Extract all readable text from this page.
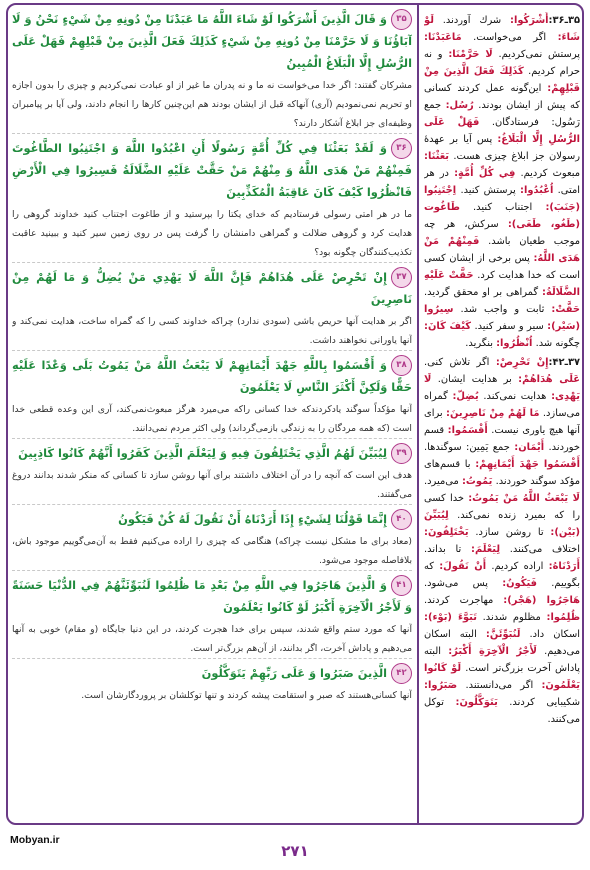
۳۵وَ قَالَ الَّذِينَ أَشْرَكُوا لَوْ شَاءَ اللَّهُ مَا عَبَدْنَا مِنْ دُونِهِ مِنْ شَيْءٍ نَحْنُ وَ لَا آبَاؤُنَا وَ لَا حَرَّمْنَا مِنْ دُونِهِ مِنْ شَيْءٍ كَذَلِكَ فَعَلَ الَّذِينَ مِنْ قَبْلِهِمْ فَهَلْ عَلَى الرُّسُلِ إِلَّا الْبَلَاغُ الْمُبِينُ

مشركان گفتند: اگر خدا مى‌خواست نه ما و نه پدران ما غير از او عبادت نمى‌كرديم و چيزى را بدون اجازه او تحريم نمى‌نموديم (آرى) آنهاكه قبل از ايشان بودند هم اين‌چنين كارها را انجام دادند، ولى آيا بر پيامبران وظيفه‌اى جز ابلاغ آشكار دارند؟

۳۶وَ لَقَدْ بَعَثْنَا فِي كُلِّ أُمَّةٍ رَسُولًا أَنِ اعْبُدُوا اللَّهَ وَ اجْتَنِبُوا الطَّاغُوتَ فَمِنْهُمْ مَنْ هَدَى اللَّهُ وَ مِنْهُمْ مَنْ حَقَّتْ عَلَيْهِ الضَّلَالَةُ فَسِيرُوا فِي الْأَرْضِ فَانْظُرُوا كَيْفَ كَانَ عَاقِبَةُ الْمُكَذِّبِينَ

ما در هر امتى رسولى فرستاديم كه خداى يكتا را بپرستيد و از طاغوت اجتناب كنيد خداوند گروهى را هدايت كرد و گروهى ضلالت و گمراهى دامنشان را گرفت پس در روى زمين سير كنيد و ببينيد عاقبت تكذيب‌كنندگان چگونه بود؟

۳۷إِنْ تَحْرِصْ عَلَى هُدَاهُمْ فَإِنَّ اللَّهَ لَا يَهْدِي مَنْ يُضِلُّ وَ مَا لَهُمْ مِنْ نَاصِرِينَ

اگر بر هدايت آنها حريص باشى (سودى ندارد) چراكه خداوند كسى را كه گمراه ساخت، هدايت نمى‌كند و آنها ياورانى نخواهند داشت.

۳۸وَ أَقْسَمُوا بِاللَّهِ جَهْدَ أَيْمَانِهِمْ لَا يَبْعَثُ اللَّهُ مَنْ يَمُوتُ بَلَى وَعْدًا عَلَيْهِ حَقًّا وَلَكِنَّ أَكْثَرَ النَّاسِ لَا يَعْلَمُونَ

آنها مؤكداً سوگند يادكردندكه خدا كسانى راكه مى‌ميرد هرگز مبعوث‌نمى‌كند، آرى اين وعده قطعى خدا است (كه همه مردگان را به زندگى بازمى‌گرداند) ولى اكثر مردم نمى‌دانند.

۳۹لِيُبَيِّنَ لَهُمُ الَّذِي يَخْتَلِفُونَ فِيهِ وَ لِيَعْلَمَ الَّذِينَ كَفَرُوا أَنَّهُمْ كَانُوا كَاذِبِينَ

هدف اين است كه آنچه را در آن اختلاف داشتند براى آنها روشن سازد تا كسانى كه منكر شدند بدانند دروغ مى‌گفتند.

۴۰إِنَّمَا قَوْلُنَا لِشَيْءٍ إِذَا أَرَدْنَاهُ أَنْ نَقُولَ لَهُ كُنْ فَيَكُونُ

(معاد براى ما مشكل نيست چراكه) هنگامى كه چيزى را اراده مى‌كنيم فقط به آن‌مى‌گوييم موجود باش، بلافاصله موجود مى‌شود.

۴۱وَ الَّذِينَ هَاجَرُوا فِي اللَّهِ مِنْ بَعْدِ مَا ظُلِمُوا لَنُبَوِّئَنَّهُمْ فِي الدُّنْيَا حَسَنَةً وَ لَأَجْرُ الْآخِرَةِ أَكْبَرُ لَوْ كَانُوا يَعْلَمُونَ

آنها كه مورد ستم واقع شدند، سپس براى خدا هجرت كردند، در اين دنيا جايگاه (و مقام) خوبى به آنها مى‌دهيم و پاداش آخرت، اگر بدانند، از آن‌هم بزرگ‌تر است.

۴۲الَّذِينَ صَبَرُوا وَ عَلَى رَبِّهِمْ يَتَوَكَّلُونَ

آنها كسانى‌هستند كه صبر و استقامت پيشه كردند و تنها توكلشان بر پروردگارشان است.

۳۵ـ۳۶:أَشْرَكُوا: شرك آوردند. لَوْ شَاءَ: اگر مى‌خواست. مَاعَبَدْنَا: پرستش نمى‌كرديم. لَا حَرَّمْنَا: و نه حرام كرديم. كَذَلِكَ فَعَلَ الَّذِينَ مِنْ قَبْلِهِمْ: اين‌گونه عمل كردند كسانى كه پيش از ايشان بودند. رُسُل: جمع رَسُول: فرستادگان. فَهَلْ عَلَى الرُّسُلِ إِلَّا الْبَلَاغُ: پس آيا بر عهدهٔ رسولان جز ابلاغ چيزى هست. بَعَثْنَا: مبعوث كرديم. فِي كُلِّ أُمَّةٍ: در هر امتى. اُعْبُدُوا: پرستش كنيد. اِجْتَنِبُوا (جَنَبَ): اجتناب كنيد. طَاغُوت (طَغُو، طَغَى): سركش، هر چه موجب طغيان باشد. فَمِنْهُمْ مَنْ هَدَى اللَّهُ: پس برخى از ايشان كسى است كه خدا هدايت كرد. حَقَّتْ عَلَيْهِ الضَّلَالَةُ: گمراهى بر او محقق گرديد. حَقَّتْ: ثابت و واجب شد. سِيرُوا (سَيْر): سير و سفر كنيد. كَيْفَ كَانَ: چگونه شد. اُنْظُرُوا: بنگريد.
۳۷ـ۴۲:إِنْ تَحْرِصْ: اگر تلاش كنى. عَلَى هُدَاهُمْ: بر هدايت ايشان. لَا يَهْدِى: هدايت نمى‌كند. يُضِلّ: گمراه مى‌سازد. مَا لَهُمْ مِنْ نَاصِرِينَ: براى آنها هيچ ياورى نيست. أَقْسَمُوا: قسم خوردند. أَيْمَان: جمع يَمِين: سوگندها. أَقْسَمُوا جَهْدَ أَيْمَانِهِمْ: با قسم‌هاى مؤكد سوگند خوردند. يَمُوتُ: مى‌ميرد. لَا يَبْعَثُ اللَّهُ مَنْ يَمُوتُ: خدا كسى را كه بميرد زنده نمى‌كند. لِيُبَيِّنَ (بَيْن): تا روشن سازد. يَخْتَلِفُونَ: اختلاف مى‌كنند. لِيَعْلَمَ: تا بداند. أَرَدْنَاهُ: اراده كرديم. أَنْ نَقُولَ: كه بگوييم. فَيَكُونُ: پس مى‌شود. هَاجَرُوا (هَجْر): مهاجرت كردند. ظُلِمُوا: مظلوم شدند. تَبَوَّءَ (بَوْء): اسكان داد. لَنُبَوِّئَنَّ: البته اسكان مى‌دهيم. لَأَجْرُ الْآخِرَةِ أَكْبَرُ: البته پاداش آخرت بزرگ‌تر است. لَوْ كَانُوا يَعْلَمُونَ: اگر مى‌دانستند. صَبَرُوا: شكيبايى كردند. يَتَوَكَّلُونَ: توكل مى‌كنند.
Mobyan.ir
۲۷۱
